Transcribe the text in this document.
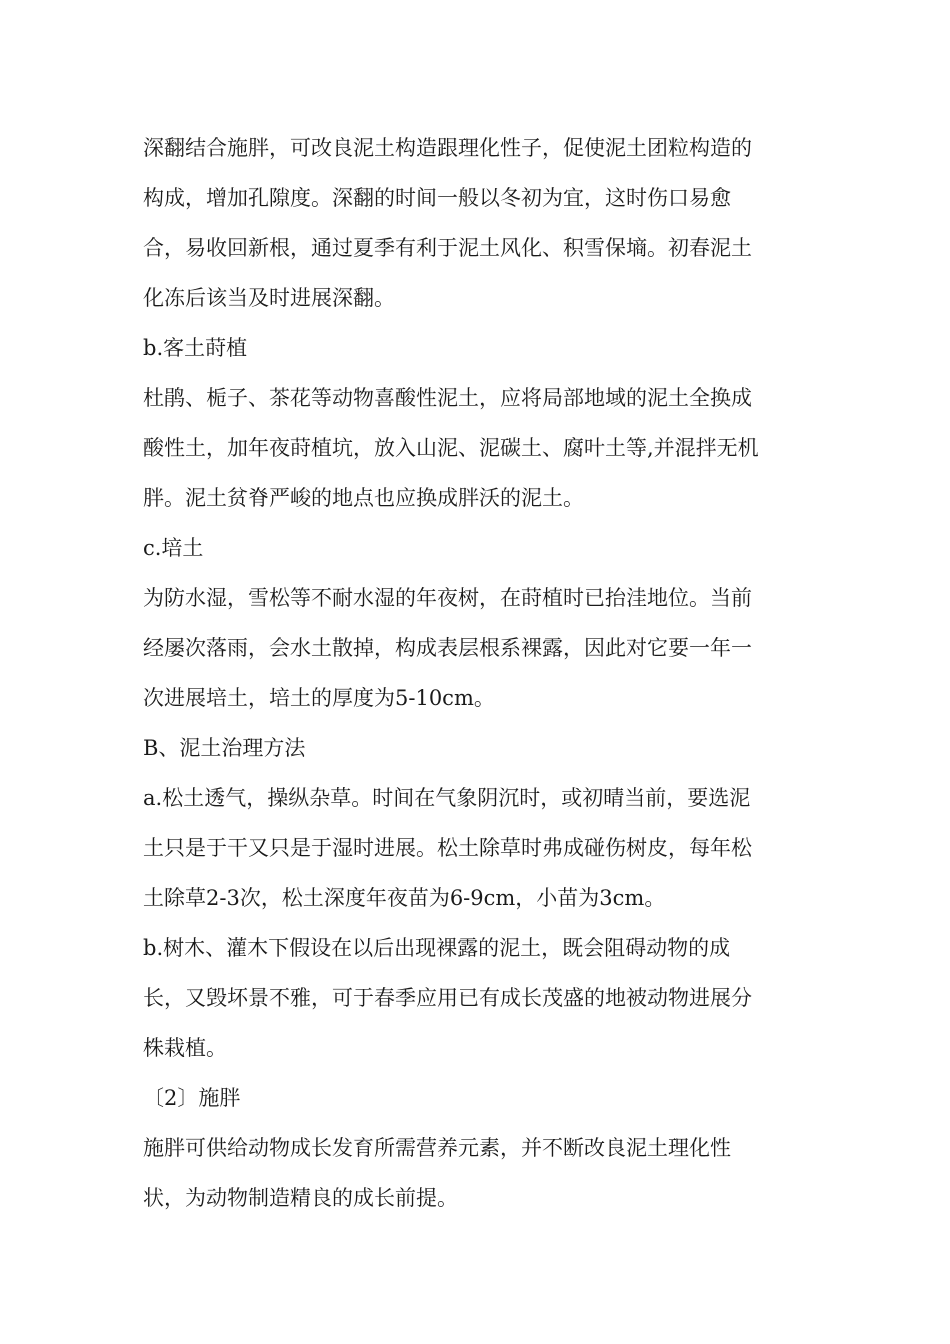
深翻结合施胖，可改良泥土构造跟理化性子，促使泥土团粒构造的

构成，增加孔隙度。深翻的时间一般以冬初为宜，这时伤口易愈

合，易收回新根，通过夏季有利于泥土风化、积雪保墒。初春泥土

化冻后该当及时进展深翻。

b.客土莳植

杜鹃、栀子、茶花等动物喜酸性泥土，应将局部地域的泥土全换成

酸性土，加年夜莳植坑，放入山泥、泥碳土、腐叶土等,并混拌无机

胖。泥土贫脊严峻的地点也应换成胖沃的泥土。

c.培土

为防水湿，雪松等不耐水湿的年夜树，在莳植时已抬洼地位。当前

经屡次落雨，会水土散掉，构成表层根系裸露，因此对它要一年一

次进展培土，培土的厚度为5-10cm。

B、泥土治理方法

a.松土透气，操纵杂草。时间在气象阴沉时，或初晴当前，要选泥

土只是于干又只是于湿时进展。松土除草时弗成碰伤树皮，每年松

土除草2-3次，松土深度年夜苗为6-9cm，小苗为3cm。

b.树木、灌木下假设在以后出现裸露的泥土，既会阻碍动物的成

长，又毁坏景不雅，可于春季应用已有成长茂盛的地被动物进展分

株栽植。

〔2〕施胖

施胖可供给动物成长发育所需营养元素，并不断改良泥土理化性

状，为动物制造精良的成长前提。
